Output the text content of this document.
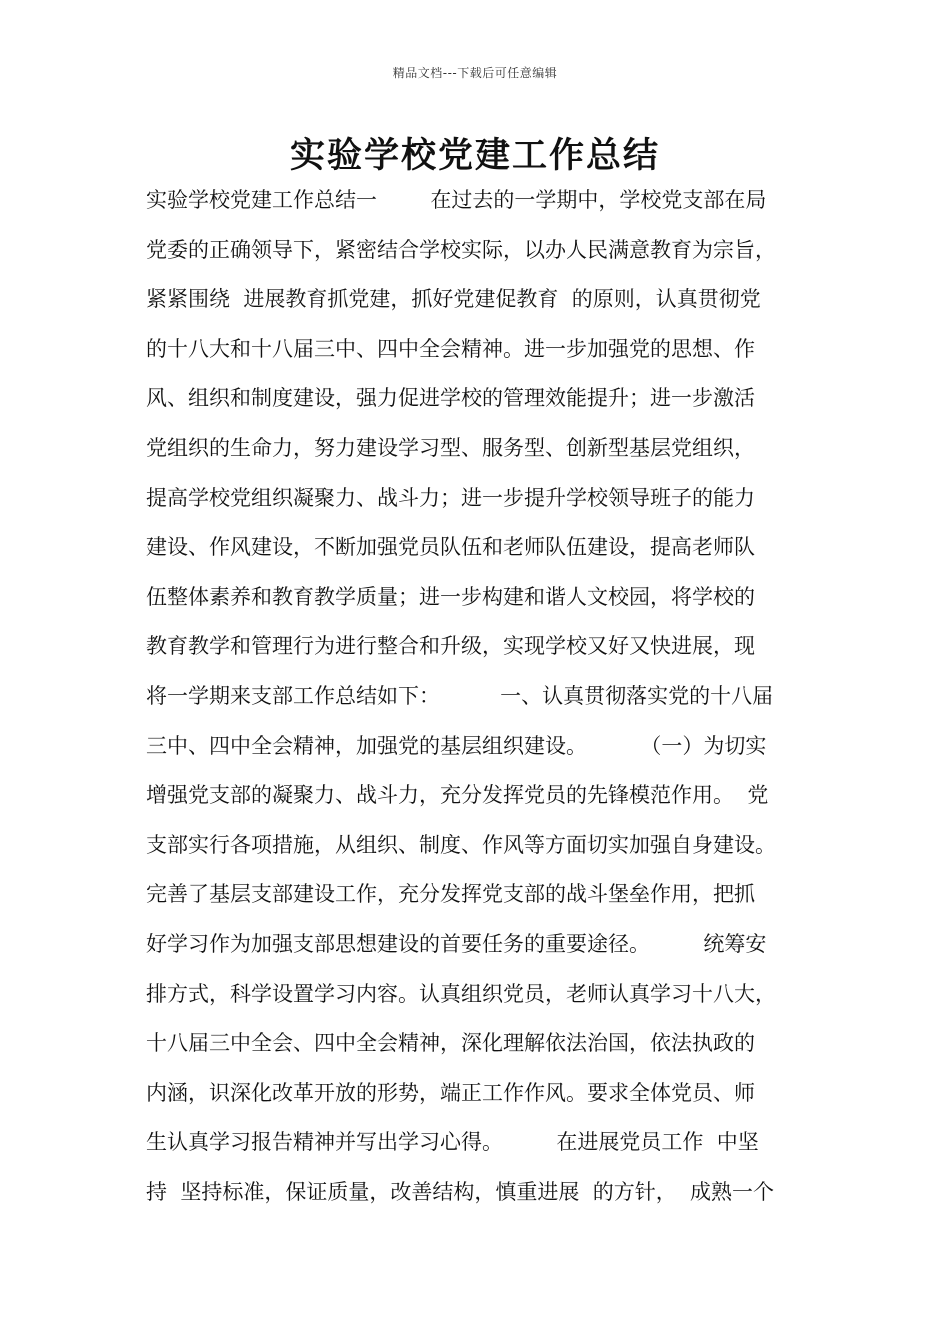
精品文档---下载后可任意编辑
实验学校党建工作总结
实验学校党建工作总结一        在过去的一学期中，学校党支部在局
党委的正确领导下，紧密结合学校实际，以办人民满意教育为宗旨，
紧紧围绕  进展教育抓党建，抓好党建促教育  的原则，认真贯彻党
的十八大和十八届三中、四中全会精神。进一步加强党的思想、作
风、组织和制度建设，强力促进学校的管理效能提升；进一步激活
党组织的生命力，努力建设学习型、服务型、创新型基层党组织，
提高学校党组织凝聚力、战斗力；进一步提升学校领导班子的能力
建设、作风建设，不断加强党员队伍和老师队伍建设，提高老师队
伍整体素养和教育教学质量；进一步构建和谐人文校园，将学校的
教育教学和管理行为进行整合和升级，实现学校又好又快进展，现
将一学期来支部工作总结如下：         一、认真贯彻落实党的十八届
三中、四中全会精神，加强党的基层组织建设。        （一）为切实
增强党支部的凝聚力、战斗力，充分发挥党员的先锋模范作用。  党
支部实行各项措施，从组织、制度、作风等方面切实加强自身建设。
完善了基层支部建设工作，充分发挥党支部的战斗堡垒作用，把抓
好学习作为加强支部思想建设的首要任务的重要途径。        统筹安
排方式，科学设置学习内容。认真组织党员，老师认真学习十八大，
十八届三中全会、四中全会精神，深化理解依法治国，依法执政的
内涵，识深化改革开放的形势，端正工作作风。要求全体党员、师
生认真学习报告精神并写出学习心得。        在进展党员工作  中坚
持  坚持标准，保证质量，改善结构，慎重进展  的方针，  成熟一个
